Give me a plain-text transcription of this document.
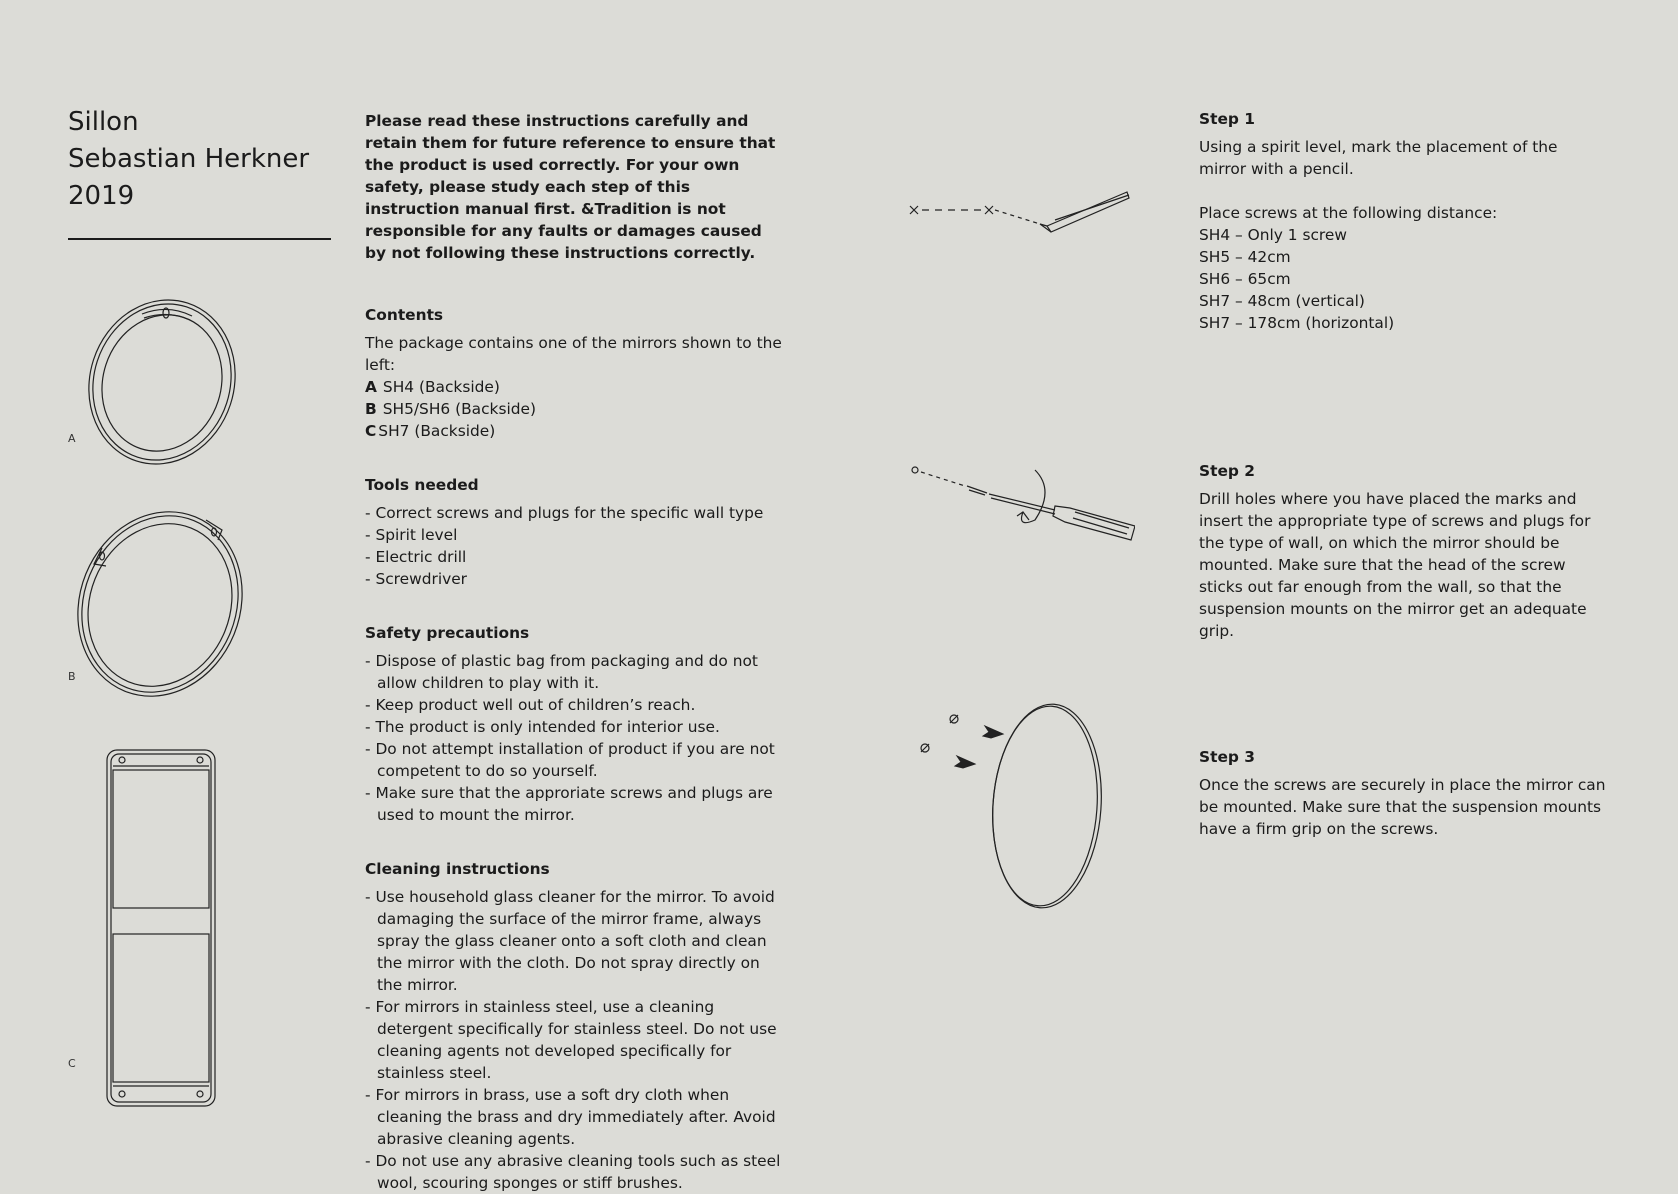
Sillon
Sebastian Herkner
2019
A
B
C

Please read these instructions carefully and retain them for future reference to ensure that the product is used correctly. For your own safety, please study each step of this instruction manual first. &Tradition is not responsible for any faults or damages caused by not following these instructions correctly.

Contents

The package contains one of the mirrors shown to the left:

A SH4 (Backside)

B SH5/SH6 (Backside)

C SH7 (Backside)

Tools needed

- Correct screws and plugs for the specific wall type

- Spirit level

- Electric drill

- Screwdriver

Safety precautions

- Dispose of plastic bag from packaging and do not allow children to play with it.

- Keep product well out of children’s reach.

- The product is only intended for interior use.

- Do not attempt installation of product if you are not competent to do so yourself.

- Make sure that the approriate screws and plugs are used to mount the mirror.

Cleaning instructions

- Use household glass cleaner for the mirror. To avoid damaging the surface of the mirror frame, always spray the glass cleaner onto a soft cloth and clean the mirror with the cloth. Do not spray directly on the mirror.

- For mirrors in stainless steel, use a cleaning detergent specifically for stainless steel. Do not use cleaning agents not developed specifically for stainless steel.

- For mirrors in brass, use a soft dry cloth when cleaning the brass and dry immediately after. Avoid abrasive cleaning agents.

- Do not use any abrasive cleaning tools such as steel wool, scouring sponges or stiff brushes.

Step 1

Using a spirit level, mark the placement of the mirror with a pencil.

Place screws at the following distance:

SH4 – Only 1 screw

SH5 – 42cm

SH6 – 65cm

SH7 – 48cm (vertical)

SH7 – 178cm (horizontal)

Step 2

Drill holes where you have placed the marks and insert the appropriate type of screws and plugs for the type of wall, on which the mirror should be mounted. Make sure that the head of the screw sticks out far enough from the wall, so that the suspension mounts on the mirror get an adequate grip.

Step 3

Once the screws are securely in place the mirror can be mounted. Make sure that the suspension mounts have a firm grip on the screws.
